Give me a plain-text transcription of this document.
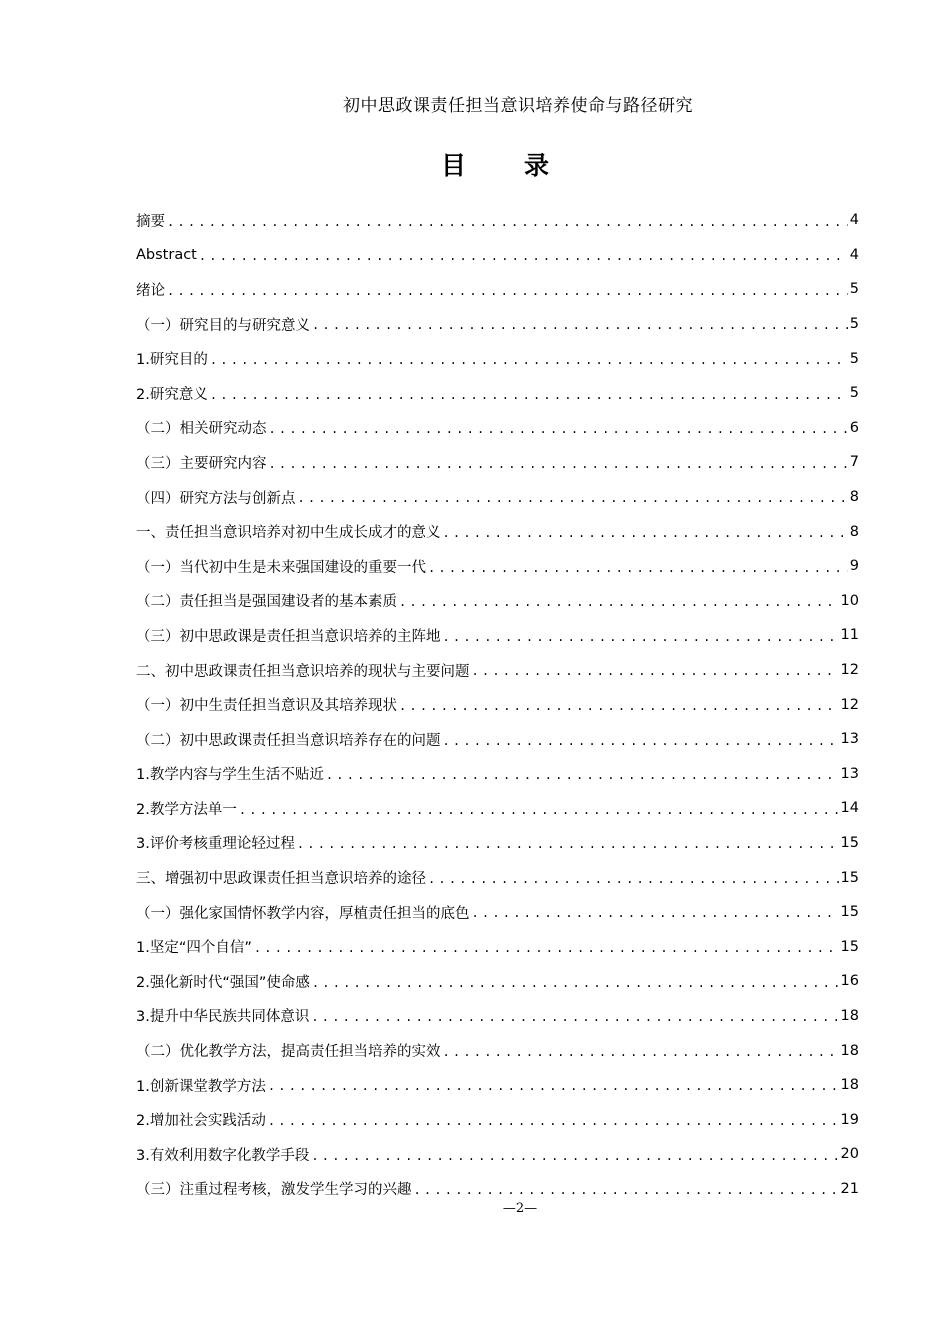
初中思政课责任担当意识培养使命与路径研究
目 录
摘要 .....	4
Abstract .....	4
绪论 .....	5
（一）研究目的与研究意义 .....	5
1.研究目的 .....	5
2.研究意义 .....	5
（二）相关研究动态 .....	6
（三）主要研究内容 .....	7
（四）研究方法与创新点 .....	8
一、责任担当意识培养对初中生成长成才的意义 .....	8
（一）当代初中生是未来强国建设的重要一代 .....	9
（二）责任担当是强国建设者的基本素质 .....	10
（三）初中思政课是责任担当意识培养的主阵地 .....	11
二、初中思政课责任担当意识培养的现状与主要问题 .....	12
（一）初中生责任担当意识及其培养现状 .....	12
（二）初中思政课责任担当意识培养存在的问题 .....	13
1.教学内容与学生生活不贴近 .....	13
2.教学方法单一 .....	14
3.评价考核重理论轻过程 .....	15
三、增强初中思政课责任担当意识培养的途径 .....	15
（一）强化家国情怀教学内容，厚植责任担当的底色 .....	15
1.坚定“四个自信” .....	15
2.强化新时代“强国”使命感 .....	16
3.提升中华民族共同体意识 .....	18
（二）优化教学方法，提高责任担当培养的实效 .....	18
1.创新课堂教学方法 .....	18
2.增加社会实践活动 .....	19
3.有效利用数字化教学手段 .....	20
（三）注重过程考核，激发学生学习的兴趣 .....	21
—2—
